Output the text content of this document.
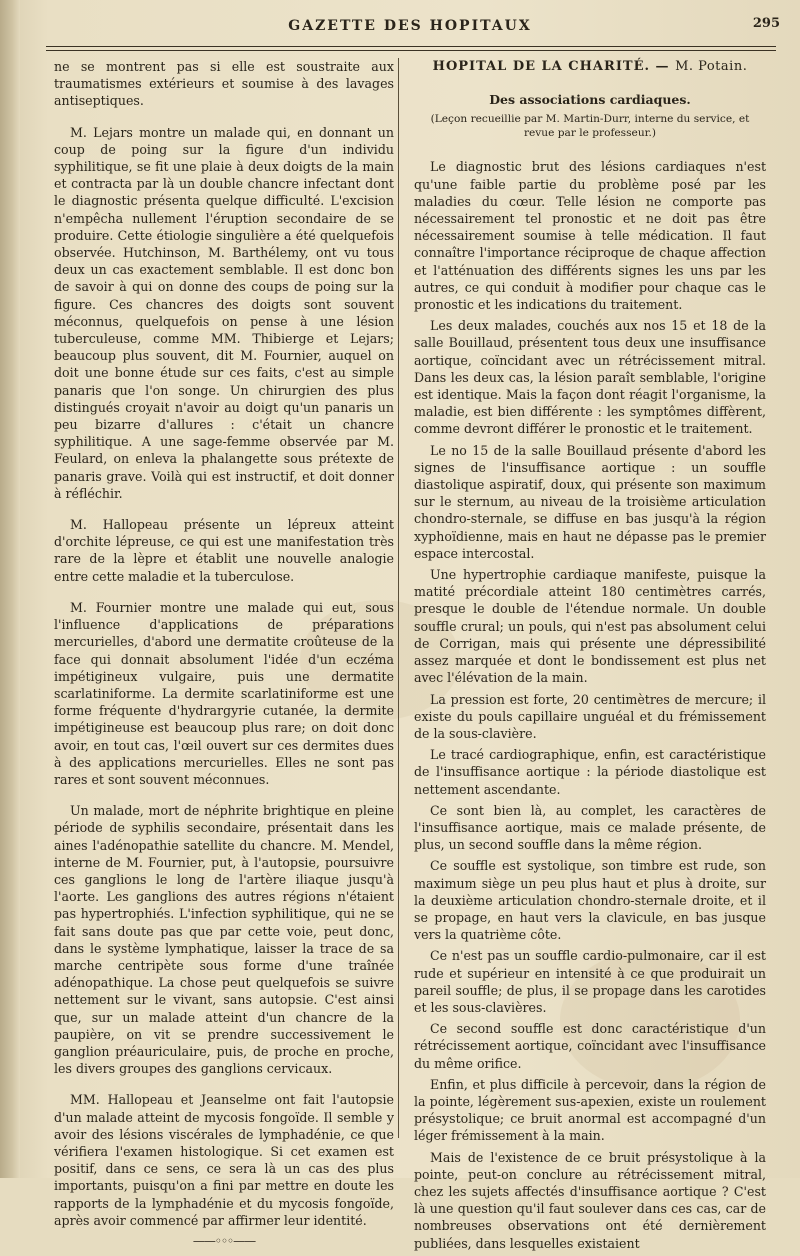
GAZETTE DES HOPITAUX	295

ne se montrent pas si elle est soustraite aux traumatismes extérieurs et soumise à des lavages antiseptiques.

M. Lejars montre un malade qui, en donnant un coup de poing sur la figure d'un individu syphilitique, se fit une plaie à deux doigts de la main et contracta par là un double chancre infectant dont le diagnostic présenta quelque difficulté. L'excision n'empêcha nullement l'éruption secondaire de se produire. Cette étiologie singulière a été quelquefois observée. Hutchinson, M. Barthélemy, ont vu tous deux un cas exactement semblable. Il est donc bon de savoir à qui on donne des coups de poing sur la figure. Ces chancres des doigts sont souvent méconnus, quelquefois on pense à une lésion tuberculeuse, comme MM. Thibierge et Lejars; beaucoup plus souvent, dit M. Fournier, auquel on doit une bonne étude sur ces faits, c'est au simple panaris que l'on songe. Un chirurgien des plus distingués croyait n'avoir au doigt qu'un panaris un peu bizarre d'allures : c'était un chancre syphilitique. A une sage-femme observée par M. Feulard, on enleva la phalangette sous prétexte de panaris grave. Voilà qui est instructif, et doit donner à réfléchir.

M. Hallopeau présente un lépreux atteint d'orchite lépreuse, ce qui est une manifestation très rare de la lèpre et établit une nouvelle analogie entre cette maladie et la tuberculose.

M. Fournier montre une malade qui eut, sous l'influence d'applications de préparations mercurielles, d'abord une dermatite croûteuse de la face qui donnait absolument l'idée d'un eczéma impétigineux vulgaire, puis une dermatite scarlatiniforme. La dermite scarlatiniforme est une forme fréquente d'hydrargyrie cutanée, la dermite impétigineuse est beaucoup plus rare; on doit donc avoir, en tout cas, l'œil ouvert sur ces dermites dues à des applications mercurielles. Elles ne sont pas rares et sont souvent méconnues.

Un malade, mort de néphrite brightique en pleine période de syphilis secondaire, présentait dans les aines l'adénopathie satellite du chancre. M. Mendel, interne de M. Fournier, put, à l'autopsie, poursuivre ces ganglions le long de l'artère iliaque jusqu'à l'aorte. Les ganglions des autres régions n'étaient pas hypertrophiés. L'infection syphilitique, qui ne se fait sans doute pas que par cette voie, peut donc, dans le système lymphatique, laisser la trace de sa marche centripète sous forme d'une traînée adénopathique. La chose peut quelquefois se suivre nettement sur le vivant, sans autopsie. C'est ainsi que, sur un malade atteint d'un chancre de la paupière, on vit se prendre successivement le ganglion préauriculaire, puis, de proche en proche, les divers groupes des ganglions cervicaux.

MM. Hallopeau et Jeanselme ont fait l'autopsie d'un malade atteint de mycosis fongoïde. Il semble y avoir des lésions viscérales de lymphadénie, ce que vérifiera l'examen histologique. Si cet examen est positif, dans ce sens, ce sera là un cas des plus importants, puisqu'on a fini par mettre en doute les rapports de la lymphadénie et du mycosis fongoïde, après avoir commencé par affirmer leur identité.

——◦◦◦——
HOPITAL DE LA CHARITÉ. — M. Potain.
Des associations cardiaques.
(Leçon recueillie par M. Martin-Durr, interne du service, et revue par le professeur.)

Le diagnostic brut des lésions cardiaques n'est qu'une faible partie du problème posé par les maladies du cœur. Telle lésion ne comporte pas nécessairement tel pronostic et ne doit pas être nécessairement soumise à telle médication. Il faut connaître l'importance réciproque de chaque affection et l'atténuation des différents signes les uns par les autres, ce qui conduit à modifier pour chaque cas le pronostic et les indications du traitement.

Les deux malades, couchés aux nos 15 et 18 de la salle Bouillaud, présentent tous deux une insuffisance aortique, coïncidant avec un rétrécissement mitral. Dans les deux cas, la lésion paraît semblable, l'origine est identique. Mais la façon dont réagit l'organisme, la maladie, est bien différente : les symptômes diffèrent, comme devront différer le pronostic et le traitement.

Le no 15 de la salle Bouillaud présente d'abord les signes de l'insuffisance aortique : un souffle diastolique aspiratif, doux, qui présente son maximum sur le sternum, au niveau de la troisième articulation chondro-sternale, se diffuse en bas jusqu'à la région xyphoïdienne, mais en haut ne dépasse pas le premier espace intercostal.

Une hypertrophie cardiaque manifeste, puisque la matité précordiale atteint 180 centimètres carrés, presque le double de l'étendue normale. Un double souffle crural; un pouls, qui n'est pas absolument celui de Corrigan, mais qui présente une dépressibilité assez marquée et dont le bondissement est plus net avec l'élévation de la main.

La pression est forte, 20 centimètres de mercure; il existe du pouls capillaire unguéal et du frémissement de la sous-clavière.

Le tracé cardiographique, enfin, est caractéristique de l'insuffisance aortique : la période diastolique est nettement ascendante.

Ce sont bien là, au complet, les caractères de l'insuffisance aortique, mais ce malade présente, de plus, un second souffle dans la même région.

Ce souffle est systolique, son timbre est rude, son maximum siège un peu plus haut et plus à droite, sur la deuxième articulation chondro-sternale droite, et il se propage, en haut vers la clavicule, en bas jusque vers la quatrième côte.

Ce n'est pas un souffle cardio-pulmonaire, car il est rude et supérieur en intensité à ce que produirait un pareil souffle; de plus, il se propage dans les carotides et les sous-clavières.

Ce second souffle est donc caractéristique d'un rétrécissement aortique, coïncidant avec l'insuffisance du même orifice.

Enfin, et plus difficile à percevoir, dans la région de la pointe, légèrement sus-apexien, existe un roulement présystolique; ce bruit anormal est accompagné d'un léger frémissement à la main.

Mais de l'existence de ce bruit présystolique à la pointe, peut-on conclure au rétrécissement mitral, chez les sujets affectés d'insuffisance aortique ? C'est là une question qu'il faut soulever dans ces cas, car de nombreuses observations ont été dernièrement publiées, dans lesquelles existaient
